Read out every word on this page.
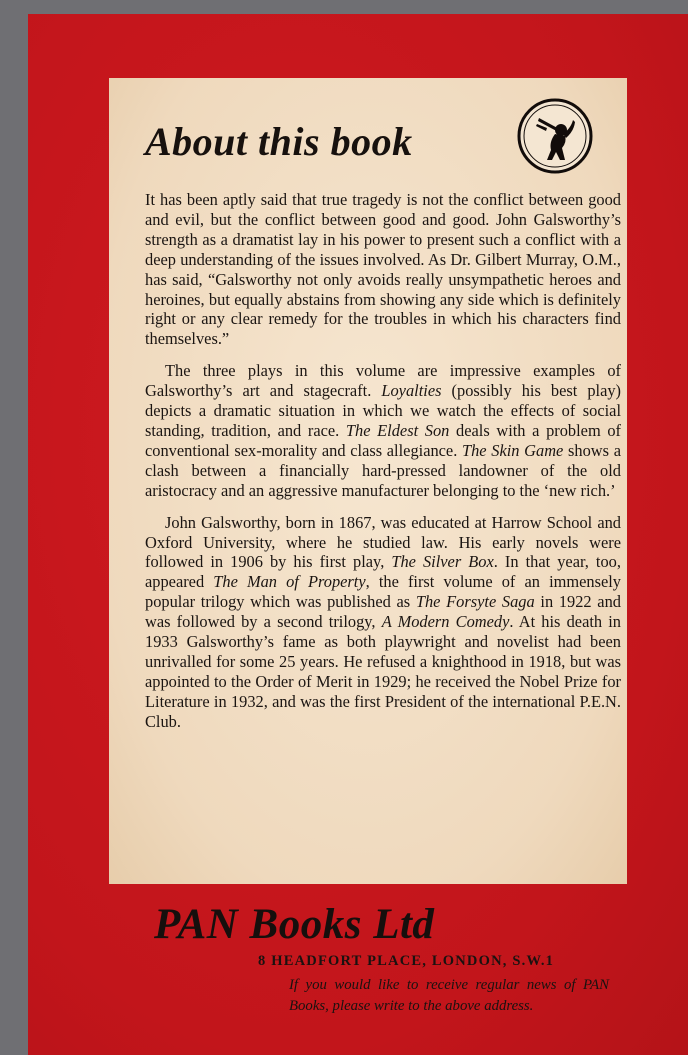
About this book

It has been aptly said that true tragedy is not the conflict between good and evil, but the conflict between good and good. John Galsworthy’s strength as a dramatist lay in his power to present such a conflict with a deep understanding of the issues involved. As Dr. Gilbert Murray, O.M., has said, “Galsworthy not only avoids really unsympathetic heroes and heroines, but equally abstains from showing any side which is definitely right or any clear remedy for the troubles in which his characters find themselves.”

The three plays in this volume are impressive examples of Galsworthy’s art and stagecraft. Loyalties (possibly his best play) depicts a dramatic situation in which we watch the effects of social standing, tradition, and race. The Eldest Son deals with a problem of conventional sex-morality and class allegiance. The Skin Game shows a clash between a financially hard-pressed landowner of the old aristocracy and an aggressive manufacturer belonging to the ‘new rich.’

John Galsworthy, born in 1867, was educated at Harrow School and Oxford University, where he studied law. His early novels were followed in 1906 by his first play, The Silver Box. In that year, too, appeared The Man of Property, the first volume of an immensely popular trilogy which was published as The Forsyte Saga in 1922 and was followed by a second trilogy, A Modern Comedy. At his death in 1933 Galsworthy’s fame as both playwright and novelist had been unrivalled for some 25 years. He refused a knighthood in 1918, but was appointed to the Order of Merit in 1929; he received the Nobel Prize for Literature in 1932, and was the first President of the international P.E.N. Club.

PAN Books Ltd
8 HEADFORT PLACE, LONDON, S.W.1
If you would like to receive regular news of PAN Books, please write to the above address.
